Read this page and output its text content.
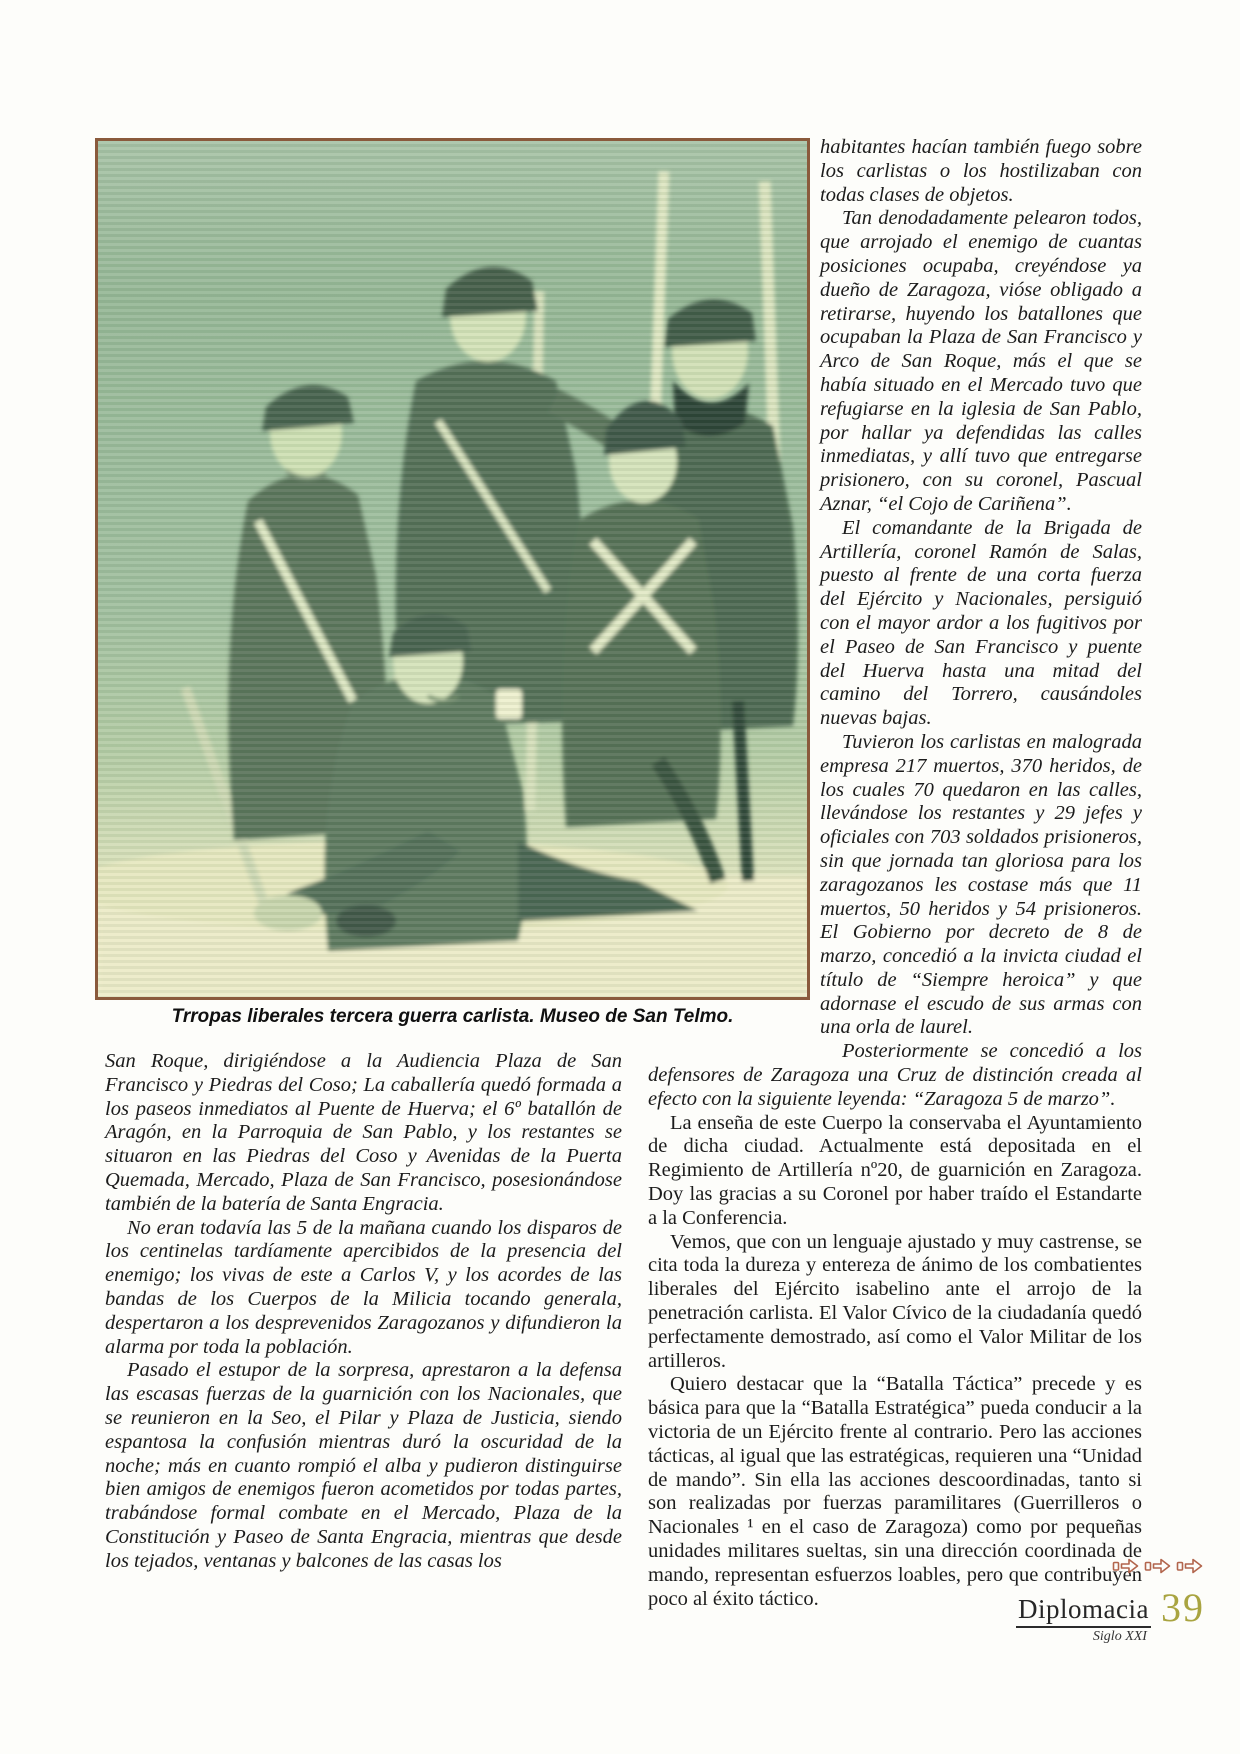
Trropas liberales tercera guerra carlista. Museo de San Telmo.

habitantes hacían también fuego sobre los carlistas o los hostilizaban con todas clases de objetos.

Tan denodadamente pelearon todos, que arrojado el enemigo de cuantas posiciones ocupaba, creyéndose ya dueño de Zaragoza, vióse obligado a retirarse, huyendo los batallones que ocupaban la Plaza de San Francisco y Arco de San Roque, más el que se había situado en el Mercado tuvo que refugiarse en la iglesia de San Pablo, por hallar ya defendidas las calles inmediatas, y allí tuvo que entregarse prisionero, con su coronel, Pascual Aznar, “el Cojo de Cariñena”.

El comandante de la Brigada de Artillería, coronel Ramón de Salas, puesto al frente de una corta fuerza del Ejército y Nacionales, persiguió con el mayor ardor a los fugitivos por el Paseo de San Francisco y puente del Huerva hasta una mitad del camino del Torrero, causándoles nuevas bajas.

Tuvieron los carlistas en malograda empresa 217 muertos, 370 heridos, de los cuales 70 quedaron en las calles, llevándose los restantes y 29 jefes y oficiales con 703 soldados prisioneros, sin que jornada tan gloriosa para los zaragozanos les costase más que 11 muertos, 50 heridos y 54 prisioneros. El Gobierno por decreto de 8 de marzo, concedió a la invicta ciudad el título de “Siempre heroica” y que adornase el escudo de sus armas con una orla de laurel.

Posteriormente se concedió a los defensores de Zaragoza una Cruz de distinción creada al efecto con la siguiente leyenda: “Zaragoza 5 de marzo”.

La enseña de este Cuerpo la conservaba el Ayuntamiento de dicha ciudad. Actualmente está depositada en el Regimiento de Artillería nº20, de guarnición en Zaragoza. Doy las gracias a su Coronel por haber traído el Estandarte a la Conferencia.

Vemos, que con un lenguaje ajustado y muy castrense, se cita toda la dureza y entereza de ánimo de los combatientes liberales del Ejército isabelino ante el arrojo de la penetración carlista. El Valor Cívico de la ciudadanía quedó perfectamente demostrado, así como el Valor Militar de los artilleros.

Quiero destacar que la “Batalla Táctica” precede y es básica para que la “Batalla Estratégica” pueda conducir a la victoria de un Ejército frente al contrario. Pero las acciones tácticas, al igual que las estratégicas, requieren una “Unidad de mando”. Sin ella las acciones descoordinadas, tanto si son realizadas por fuerzas paramilitares (Guerrilleros o Nacionales ¹ en el caso de Zaragoza) como por pequeñas unidades militares sueltas, sin una dirección coordinada de mando, representan esfuerzos loables, pero que contribuyen poco al éxito táctico.

San Roque, dirigiéndose a la Audiencia Plaza de San Francisco y Piedras del Coso; La caballería quedó formada a los paseos inmediatos al Puente de Huerva; el 6º batallón de Aragón, en la Parroquia de San Pablo, y los restantes se situaron en las Piedras del Coso y Avenidas de la Puerta Quemada, Mercado, Plaza de San Francisco, posesionándose también de la batería de Santa Engracia.

No eran todavía las 5 de la mañana cuando los disparos de los centinelas tardíamente apercibidos de la presencia del enemigo; los vivas de este a Carlos V, y los acordes de las bandas de los Cuerpos de la Milicia tocando generala, despertaron a los desprevenidos Zaragozanos y difundieron la alarma por toda la población.

Pasado el estupor de la sorpresa, aprestaron a la defensa las escasas fuerzas de la guarnición con los Nacionales, que se reunieron en la Seo, el Pilar y Plaza de Justicia, siendo espantosa la confusión mientras duró la oscuridad de la noche; más en cuanto rompió el alba y pudieron distinguirse bien amigos de enemigos fueron acometidos por todas partes, trabándose formal combate en el Mercado, Plaza de la Constitución y Paseo de Santa Engracia, mientras que desde los tejados, ventanas y balcones de las casas los

Diplomacia
Siglo XXI
39
